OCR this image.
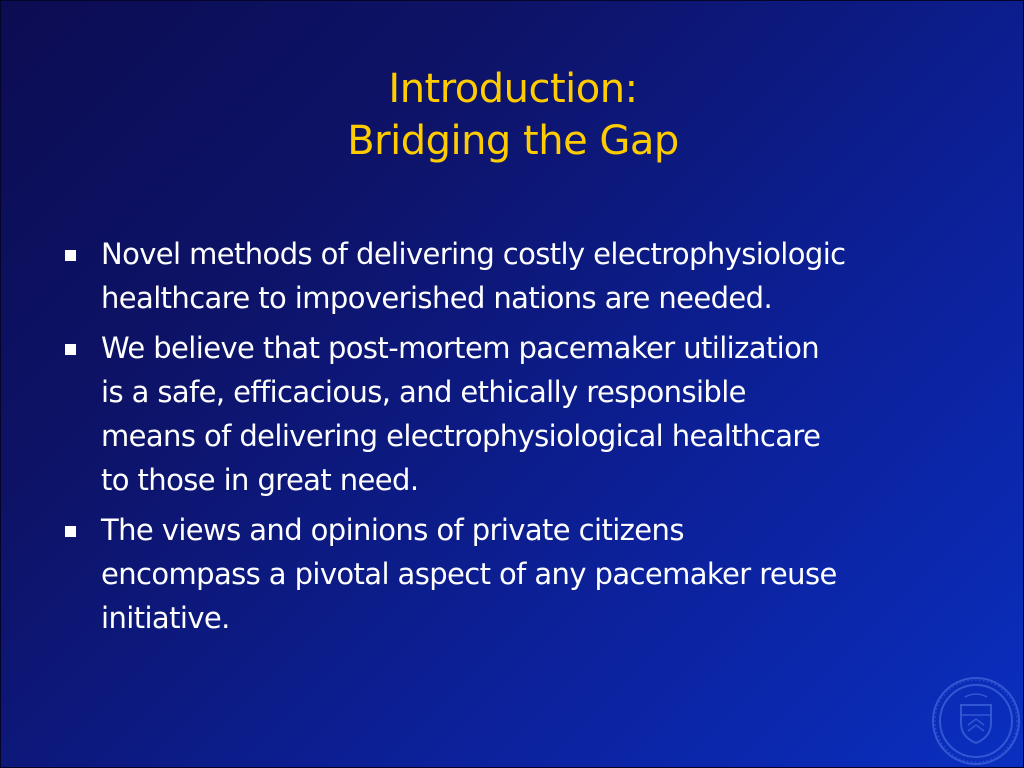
Introduction:
Bridging the Gap
Novel methods of delivering costly electrophysiologic
healthcare to impoverished nations are needed.
We believe that post-mortem pacemaker utilization
is a safe, efficacious, and ethically responsible
means of delivering electrophysiological healthcare
to those in great need.
The views and opinions of private citizens
encompass a pivotal aspect of any pacemaker reuse
initiative.
